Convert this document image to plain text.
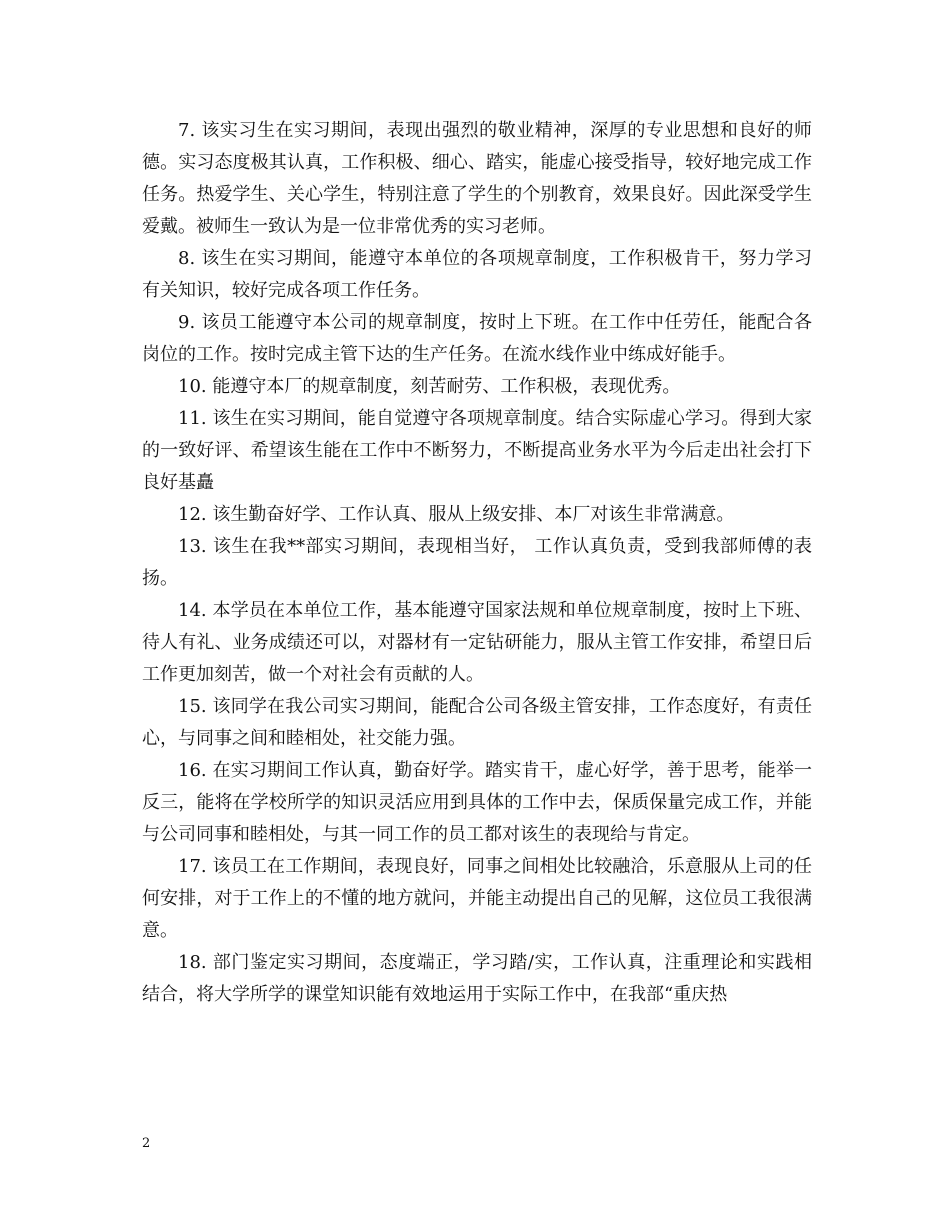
7. 该实习生在实习期间，表现出强烈的敬业精神，深厚的专业思想和良好的师德。实习态度极其认真，工作积极、细心、踏实，能虚心接受指导，较好地完成工作任务。热爱学生、关心学生，特别注意了学生的个别教育，效果良好。因此深受学生爱戴。被师生一致认为是一位非常优秀的实习老师。

8. 该生在实习期间，能遵守本单位的各项规章制度，工作积极肯干，努力学习有关知识，较好完成各项工作任务。

9. 该员工能遵守本公司的规章制度，按时上下班。在工作中任劳任，能配合各岗位的工作。按时完成主管下达的生产任务。在流水线作业中练成好能手。

10. 能遵守本厂的规章制度，刻苦耐劳、工作积极，表现优秀。

11. 该生在实习期间，能自觉遵守各项规章制度。结合实际虚心学习。得到大家的一致好评、希望该生能在工作中不断努力，不断提高业务水平为今后走出社会打下良好基矗

12. 该生勤奋好学、工作认真、服从上级安排、本厂对该生非常满意。

13. 该生在我**部实习期间，表现相当好， 工作认真负责，受到我部师傅的表扬。

14. 本学员在本单位工作，基本能遵守国家法规和单位规章制度，按时上下班、待人有礼、业务成绩还可以，对器材有一定钻研能力，服从主管工作安排，希望日后工作更加刻苦，做一个对社会有贡献的人。

15. 该同学在我公司实习期间，能配合公司各级主管安排，工作态度好，有责任心，与同事之间和睦相处，社交能力强。

16. 在实习期间工作认真，勤奋好学。踏实肯干，虚心好学，善于思考，能举一反三，能将在学校所学的知识灵活应用到具体的工作中去，保质保量完成工作，并能与公司同事和睦相处，与其一同工作的员工都对该生的表现给与肯定。

17. 该员工在工作期间，表现良好，同事之间相处比较融洽，乐意服从上司的任何安排，对于工作上的不懂的地方就问，并能主动提出自己的见解，这位员工我很满意。

18. 部门鉴定实习期间，态度端正，学习踏/实，工作认真，注重理论和实践相结合，将大学所学的课堂知识能有效地运用于实际工作中，在我部“重庆热

2
